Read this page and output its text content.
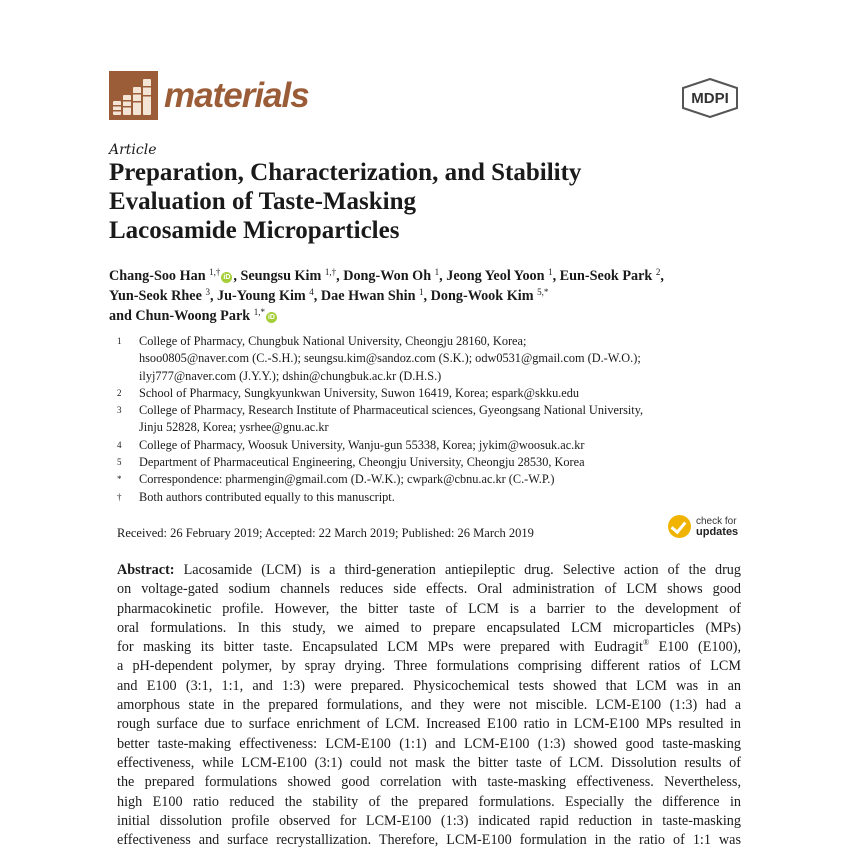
materials	MDPI
Article
Preparation, Characterization, and Stability
Evaluation of Taste-Masking
Lacosamide Microparticles
Chang-Soo Han $^{1,\dagger}$iD , Seungsu Kim $^{1,\dagger}$, Dong-Won Oh $^1$, Jeong Yeol Yoon $^1$, Eun-Seok Park $^2$,
Yun-Seok Rhee $^3$, Ju-Young Kim $^4$, Dae Hwan Shin $^1$, Dong-Wook Kim $^{5,*}$
and Chun-Woong Park $^{1,*}$iD
1	College of Pharmacy, Chungbuk National University, Cheongju 28160, Korea;
hsoo0805@naver.com (C.-S.H.); seungsu.kim@sandoz.com (S.K.); odw0531@gmail.com (D.-W.O.);
ilyj777@naver.com (J.Y.Y.); dshin@chungbuk.ac.kr (D.H.S.)
2	School of Pharmacy, Sungkyunkwan University, Suwon 16419, Korea; espark@skku.edu
3	College of Pharmacy, Research Institute of Pharmaceutical sciences, Gyeongsang National University,
Jinju 52828, Korea; ysrhee@gnu.ac.kr
4	College of Pharmacy, Woosuk University, Wanju-gun 55338, Korea; jykim@woosuk.ac.kr
5	Department of Pharmaceutical Engineering, Cheongju University, Cheongju 28530, Korea
*	Correspondence: pharmengin@gmail.com (D.-W.K.); cwpark@cbnu.ac.kr (C.-W.P.)
†	Both authors contributed equally to this manuscript.
Received: 26 February 2019; Accepted: 22 March 2019; Published: 26 March 2019
check for
updates
Abstract: Lacosamide (LCM) is a third-generation antiepileptic drug. Selective action of the drug
on voltage-gated sodium channels reduces side effects. Oral administration of LCM shows good
pharmacokinetic profile. However, the bitter taste of LCM is a barrier to the development of
oral formulations. In this study, we aimed to prepare encapsulated LCM microparticles (MPs)
for masking its bitter taste. Encapsulated LCM MPs were prepared with Eudragit® E100 (E100),
a pH-dependent polymer, by spray drying. Three formulations comprising different ratios of LCM
and E100 (3:1, 1:1, and 1:3) were prepared. Physicochemical tests showed that LCM was in an
amorphous state in the prepared formulations, and they were not miscible. LCM-E100 (1:3) had a
rough surface due to surface enrichment of LCM. Increased E100 ratio in LCM-E100 MPs resulted in
better taste-making effectiveness: LCM-E100 (1:1) and LCM-E100 (1:3) showed good taste-masking
effectiveness, while LCM-E100 (3:1) could not mask the bitter taste of LCM. Dissolution results of
the prepared formulations showed good correlation with taste-masking effectiveness. Nevertheless,
high E100 ratio reduced the stability of the prepared formulations. Especially the difference in
initial dissolution profile observed for LCM-E100 (1:3) indicated rapid reduction in taste-masking
effectiveness and surface recrystallization. Therefore, LCM-E100 formulation in the ratio of 1:1 was
